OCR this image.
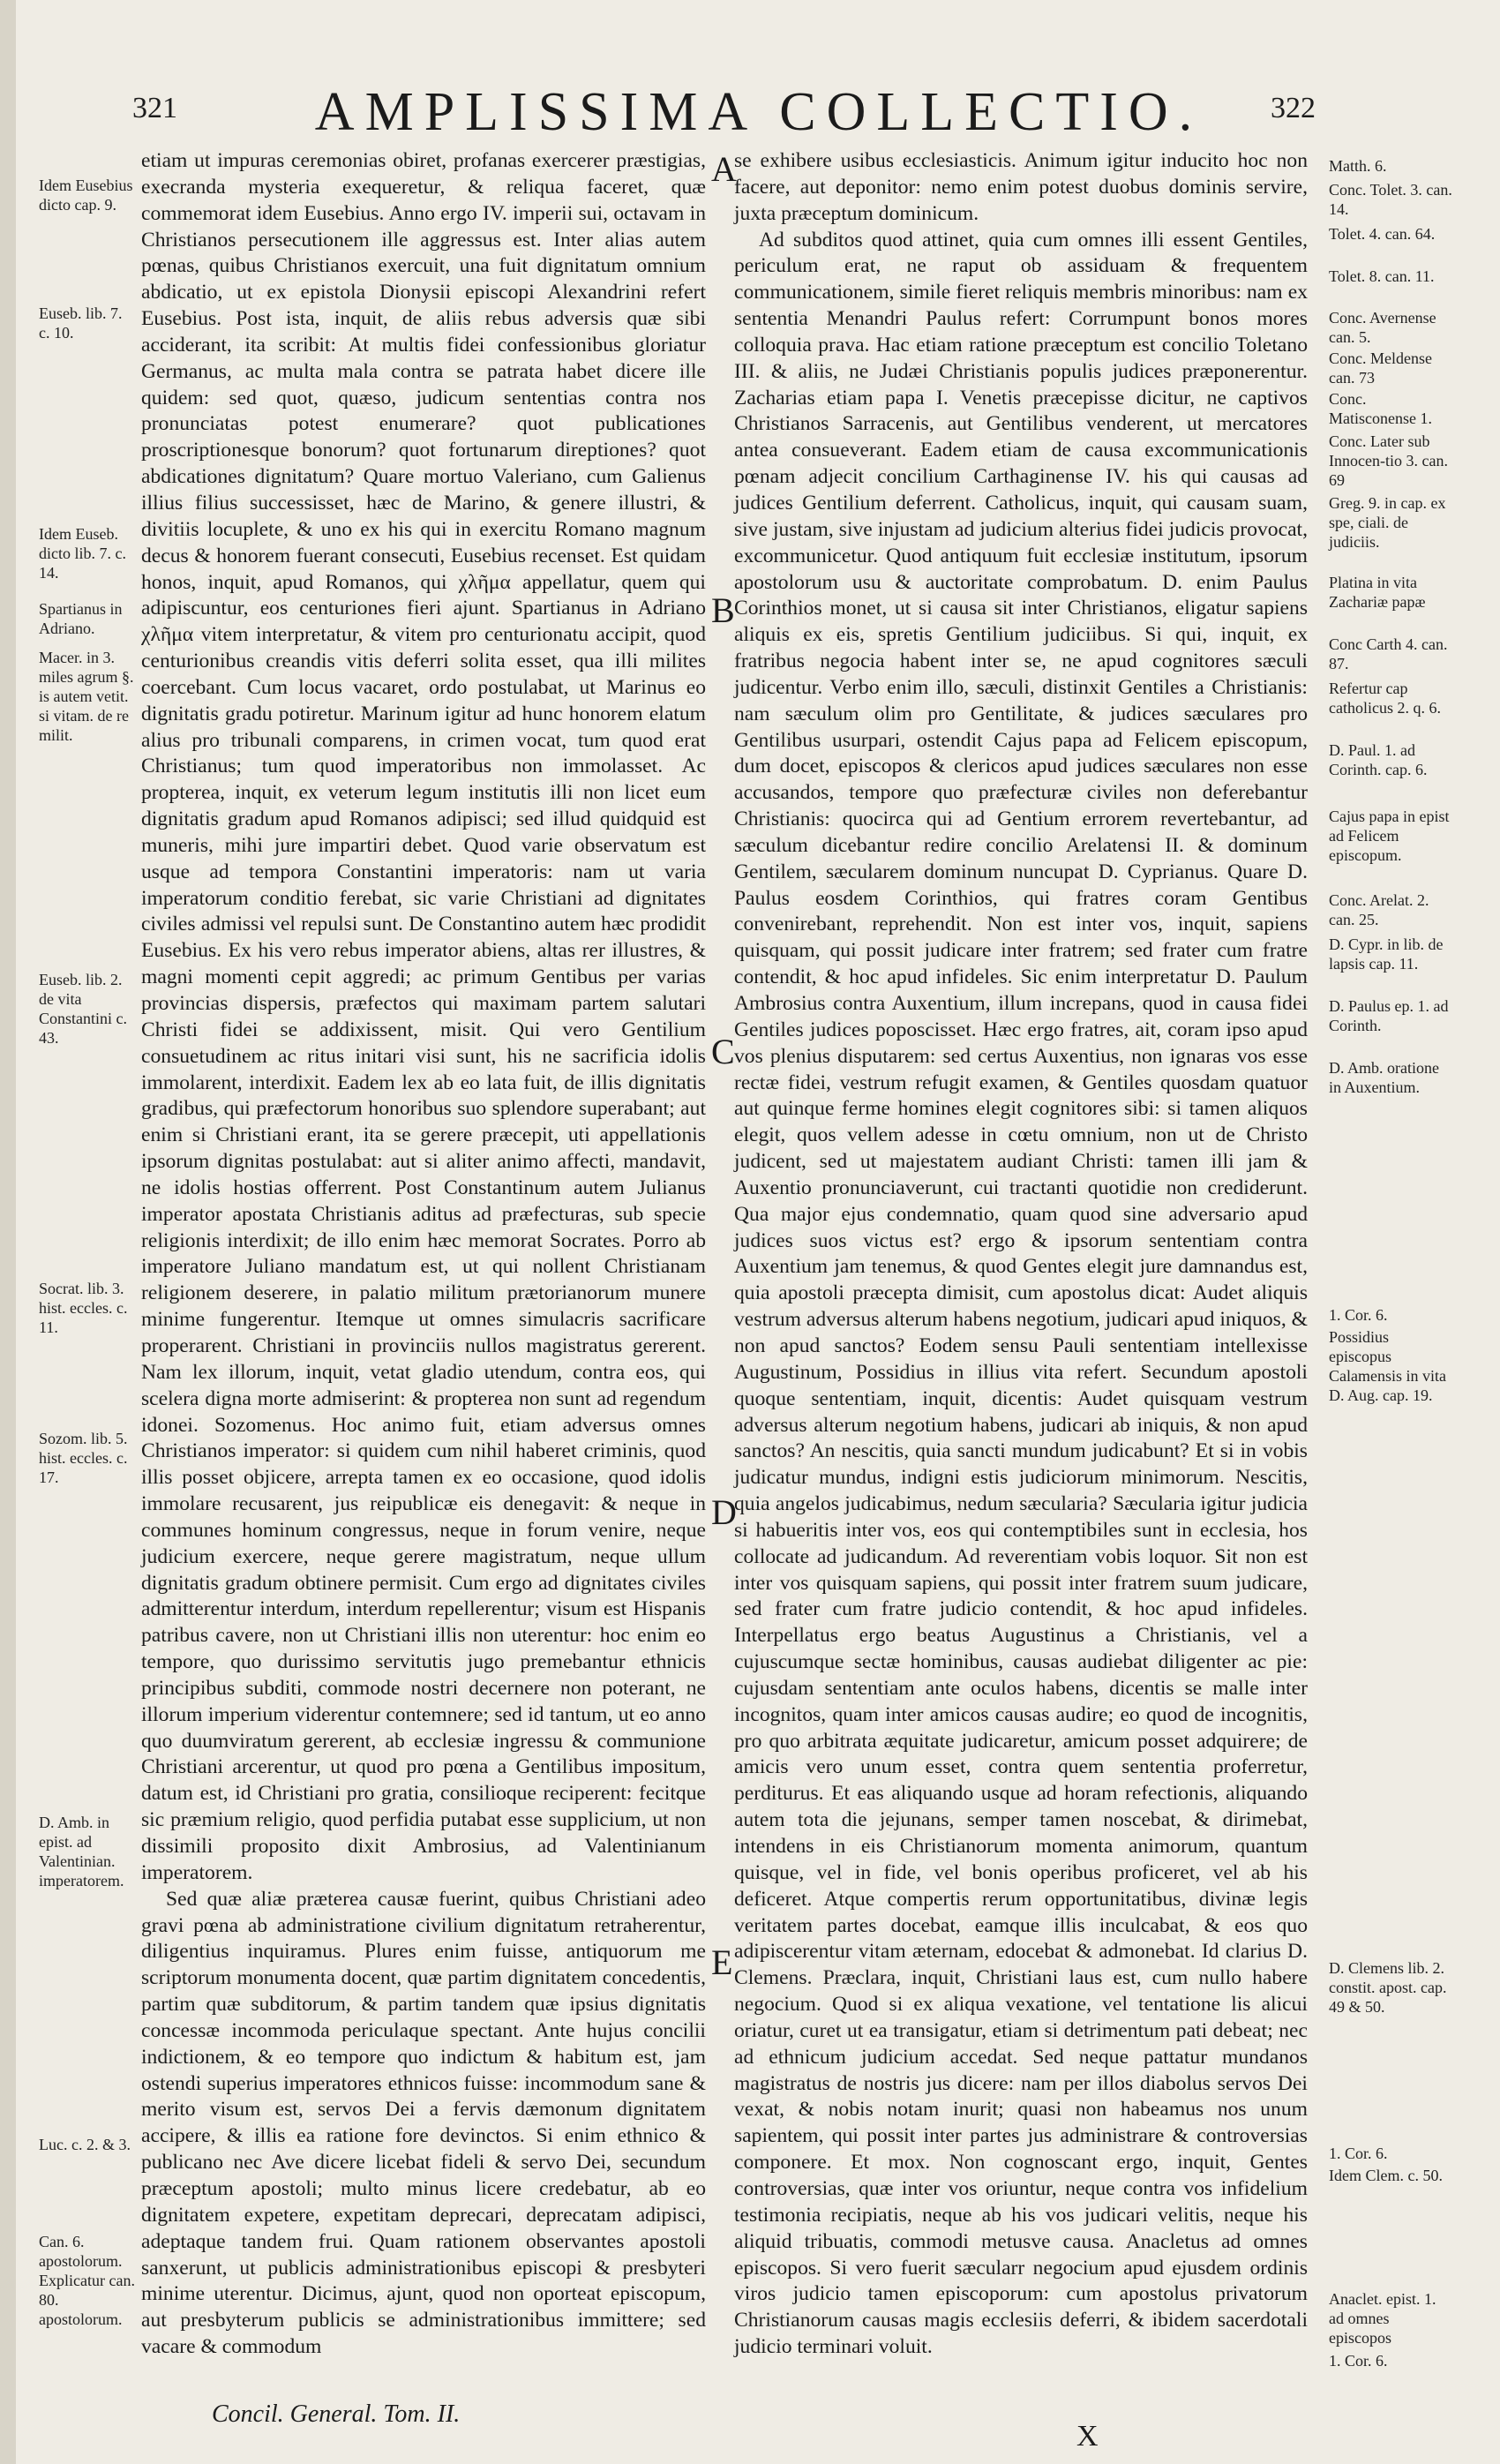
321	AMPLISSIMA COLLECTIO.	322

etiam ut impuras ceremonias obiret, profanas exercerer præstigias, execranda mysteria exequeretur, & reliqua faceret, quæ commemorat idem Eusebius. Anno ergo IV. imperii sui, octavam in Christianos persecutionem ille aggressus est. Inter alias autem pœnas, quibus Christianos exercuit, una fuit dignitatum omnium abdicatio, ut ex epistola Dionysii episcopi Alexandrini refert Eusebius. Post ista, inquit, de aliis rebus adversis quæ sibi acciderant, ita scribit: At multis fidei confessionibus gloriatur Germanus, ac multa mala contra se patrata habet dicere ille quidem: sed quot, quæso, judicum sententias contra nos pronunciatas potest enumerare? quot publicationes proscriptionesque bonorum? quot fortunarum direptiones? quot abdicationes dignitatum? Quare mortuo Valeriano, cum Galienus illius filius successisset, hæc de Marino, & genere illustri, & divitiis locuplete, & uno ex his qui in exercitu Romano magnum decus & honorem fuerant consecuti, Eusebius recenset. Est quidam honos, inquit, apud Romanos, qui χλῆμα appellatur, quem qui adipiscuntur, eos centuriones fieri ajunt. Spartianus in Adriano χλῆμα vitem interpretatur, & vitem pro centurionatu accipit, quod centurionibus creandis vitis deferri solita esset, qua illi milites coercebant. Cum locus vacaret, ordo postulabat, ut Marinus eo dignitatis gradu potiretur. Marinum igitur ad hunc honorem elatum alius pro tribunali comparens, in crimen vocat, tum quod erat Christianus; tum quod imperatoribus non immolasset. Ac propterea, inquit, ex veterum legum institutis illi non licet eum dignitatis gradum apud Romanos adipisci; sed illud quidquid est muneris, mihi jure impartiri debet. Quod varie observatum est usque ad tempora Constantini imperatoris: nam ut varia imperatorum conditio ferebat, sic varie Christiani ad dignitates civiles admissi vel repulsi sunt. De Constantino autem hæc prodidit Eusebius. Ex his vero rebus imperator abiens, altas rer illustres, & magni momenti cepit aggredi; ac primum Gentibus per varias provincias dispersis, præfectos qui maximam partem salutari Christi fidei se addixissent, misit. Qui vero Gentilium consuetudinem ac ritus initari visi sunt, his ne sacrificia idolis immolarent, interdixit. Eadem lex ab eo lata fuit, de illis dignitatis gradibus, qui præfectorum honoribus suo splendore superabant; aut enim si Christiani erant, ita se gerere præcepit, uti appellationis ipsorum dignitas postulabat: aut si aliter animo affecti, mandavit, ne idolis hostias offerrent. Post Constantinum autem Julianus imperator apostata Christianis aditus ad præfecturas, sub specie religionis interdixit; de illo enim hæc memorat Socrates. Porro ab imperatore Juliano mandatum est, ut qui nollent Christianam religionem deserere, in palatio militum prætorianorum munere minime fungerentur. Itemque ut omnes simulacris sacrificare properarent. Christiani in provinciis nullos magistratus gererent. Nam lex illorum, inquit, vetat gladio utendum, contra eos, qui scelera digna morte admiserint: & propterea non sunt ad regendum idonei. Sozomenus. Hoc animo fuit, etiam adversus omnes Christianos imperator: si quidem cum nihil haberet criminis, quod illis posset objicere, arrepta tamen ex eo occasione, quod idolis immolare recusarent, jus reipublicæ eis denegavit: & neque in communes hominum congressus, neque in forum venire, neque judicium exercere, neque gerere magistratum, neque ullum dignitatis gradum obtinere permisit. Cum ergo ad dignitates civiles admitterentur interdum, interdum repellerentur; visum est Hispanis patribus cavere, non ut Christiani illis non uterentur: hoc enim eo tempore, quo durissimo servitutis jugo premebantur ethnicis principibus subditi, commode nostri decernere non poterant, ne illorum imperium viderentur contemnere; sed id tantum, ut eo anno quo duumviratum gererent, ab ecclesiæ ingressu & communione Christiani arcerentur, ut quod pro pœna a Gentilibus impositum, datum est, id Christiani pro gratia, consilioque reciperent: fecitque sic præmium religio, quod perfidia putabat esse supplicium, ut non dissimili proposito dixit Ambrosius, ad Valentinianum imperatorem.

Sed quæ aliæ præterea causæ fuerint, quibus Christiani adeo gravi pœna ab administratione civilium dignitatum retraherentur, diligentius inquiramus. Plures enim fuisse, antiquorum me scriptorum monumenta docent, quæ partim dignitatem concedentis, partim quæ subditorum, & partim tandem quæ ipsius dignitatis concessæ incommoda periculaque spectant. Ante hujus concilii indictionem, & eo tempore quo indictum & habitum est, jam ostendi superius imperatores ethnicos fuisse: incommodum sane & merito visum est, servos Dei a fervis dæmonum dignitatem accipere, & illis ea ratione fore devinctos. Si enim ethnico & publicano nec Ave dicere licebat fideli & servo Dei, secundum præceptum apostoli; multo minus licere credebatur, ab eo dignitatem expetere, expetitam deprecari, deprecatam adipisci, adeptaque tandem frui. Quam rationem observantes apostoli sanxerunt, ut publicis administrationibus episcopi & presbyteri minime uterentur. Dicimus, ajunt, quod non oporteat episcopum, aut presbyterum publicis se administrationibus immittere; sed vacare & commodum

se exhibere usibus ecclesiasticis. Animum igitur inducito hoc non facere, aut deponitor: nemo enim potest duobus dominis servire, juxta præceptum dominicum.

Ad subditos quod attinet, quia cum omnes illi essent Gentiles, periculum erat, ne raput ob assiduam & frequentem communicationem, simile fieret reliquis membris minoribus: nam ex sententia Menandri Paulus refert: Corrumpunt bonos mores colloquia prava. Hac etiam ratione præceptum est concilio Toletano III. & aliis, ne Judæi Christianis populis judices præponerentur. Zacharias etiam papa I. Venetis præcepisse dicitur, ne captivos Christianos Sarracenis, aut Gentilibus venderent, ut mercatores antea consueverant. Eadem etiam de causa excommunicationis pœnam adjecit concilium Carthaginense IV. his qui causas ad judices Gentilium deferrent. Catholicus, inquit, qui causam suam, sive justam, sive injustam ad judicium alterius fidei judicis provocat, excommunicetur. Quod antiquum fuit ecclesiæ institutum, ipsorum apostolorum usu & auctoritate comprobatum. D. enim Paulus Corinthios monet, ut si causa sit inter Christianos, eligatur sapiens aliquis ex eis, spretis Gentilium judiciibus. Si qui, inquit, ex fratribus negocia habent inter se, ne apud cognitores sæculi judicentur. Verbo enim illo, sæculi, distinxit Gentiles a Christianis: nam sæculum olim pro Gentilitate, & judices sæculares pro Gentilibus usurpari, ostendit Cajus papa ad Felicem episcopum, dum docet, episcopos & clericos apud judices sæculares non esse accusandos, tempore quo præfecturæ civiles non deferebantur Christianis: quocirca qui ad Gentium errorem revertebantur, ad sæculum dicebantur redire concilio Arelatensi II. & dominum Gentilem, sæcularem dominum nuncupat D. Cyprianus. Quare D. Paulus eosdem Corinthios, qui fratres coram Gentibus convenirebant, reprehendit. Non est inter vos, inquit, sapiens quisquam, qui possit judicare inter fratrem; sed frater cum fratre contendit, & hoc apud infideles. Sic enim interpretatur D. Paulum Ambrosius contra Auxentium, illum increpans, quod in causa fidei Gentiles judices poposcisset. Hæc ergo fratres, ait, coram ipso apud vos plenius disputarem: sed certus Auxentius, non ignaras vos esse rectæ fidei, vestrum refugit examen, & Gentiles quosdam quatuor aut quinque ferme homines elegit cognitores sibi: si tamen aliquos elegit, quos vellem adesse in cœtu omnium, non ut de Christo judicent, sed ut majestatem audiant Christi: tamen illi jam & Auxentio pronunciaverunt, cui tractanti quotidie non crediderunt. Qua major ejus condemnatio, quam quod sine adversario apud judices suos victus est? ergo & ipsorum sententiam contra Auxentium jam tenemus, & quod Gentes elegit jure damnandus est, quia apostoli præcepta dimisit, cum apostolus dicat: Audet aliquis vestrum adversus alterum habens negotium, judicari apud iniquos, & non apud sanctos? Eodem sensu Pauli sententiam intellexisse Augustinum, Possidius in illius vita refert. Secundum apostoli quoque sententiam, inquit, dicentis: Audet quisquam vestrum adversus alterum negotium habens, judicari ab iniquis, & non apud sanctos? An nescitis, quia sancti mundum judicabunt? Et si in vobis judicatur mundus, indigni estis judiciorum minimorum. Nescitis, quia angelos judicabimus, nedum sæcularia? Sæcularia igitur judicia si habueritis inter vos, eos qui contemptibiles sunt in ecclesia, hos collocate ad judicandum. Ad reverentiam vobis loquor. Sit non est inter vos quisquam sapiens, qui possit inter fratrem suum judicare, sed frater cum fratre judicio contendit, & hoc apud infideles. Interpellatus ergo beatus Augustinus a Christianis, vel a cujuscumque sectæ hominibus, causas audiebat diligenter ac pie: cujusdam sententiam ante oculos habens, dicentis se malle inter incognitos, quam inter amicos causas audire; eo quod de incognitis, pro quo arbitrata æquitate judicaretur, amicum posset adquirere; de amicis vero unum esset, contra quem sententia proferretur, perditurus. Et eas aliquando usque ad horam refectionis, aliquando autem tota die jejunans, semper tamen noscebat, & dirimebat, intendens in eis Christianorum momenta animorum, quantum quisque, vel in fide, vel bonis operibus proficeret, vel ab his deficeret. Atque compertis rerum opportunitatibus, divinæ legis veritatem partes docebat, eamque illis inculcabat, & eos quo adipiscerentur vitam æternam, edocebat & admonebat. Id clarius D. Clemens. Præclara, inquit, Christiani laus est, cum nullo habere negocium. Quod si ex aliqua vexatione, vel tentatione lis alicui oriatur, curet ut ea transigatur, etiam si detrimentum pati debeat; nec ad ethnicum judicium accedat. Sed neque pattatur mundanos magistratus de nostris jus dicere: nam per illos diabolus servos Dei vexat, & nobis notam inurit; quasi non habeamus nos unum sapientem, qui possit inter partes jus administrare & controversias componere. Et mox. Non cognoscant ergo, inquit, Gentes controversias, quæ inter vos oriuntur, neque contra vos infidelium testimonia recipiatis, neque ab his vos judicari velitis, neque his aliquid tribuatis, commodi metusve causa. Anacletus ad omnes episcopos. Si vero fuerit sæcularr negocium apud ejusdem ordinis viros judicio tamen episcoporum: cum apostolus privatorum Christianorum causas magis ecclesiis deferri, & ibidem sacerdotali judicio terminari voluit.

A
B
C
D
E
Idem Eusebius dicto cap. 9.
Euseb. lib. 7. c. 10.
Idem Euseb. dicto lib. 7. c. 14.
Spartianus in Adriano.
Macer. in 3. miles agrum §. is autem vetit. si vitam. de re milit.
Euseb. lib. 2. de vita Constantini c. 43.
Socrat. lib. 3. hist. eccles. c. 11.
Sozom. lib. 5. hist. eccles. c. 17.
D. Amb. in epist. ad Valentinian. imperatorem.
Luc. c. 2. & 3.
Can. 6. apostolorum. Explicatur can. 80. apostolorum.
Matth. 6.
Conc. Tolet. 3. can. 14.
Tolet. 4. can. 64.
Tolet. 8. can. 11.
Conc. Avernense can. 5.
Conc. Meldense can. 73
Conc. Matisconense 1.
Conc. Later sub Innocen-tio 3. can. 69
Greg. 9. in cap. ex spe, ciali. de judiciis.
Platina in vita Zachariæ papæ
Conc Carth 4. can. 87.
Refertur cap catholicus 2. q. 6.
D. Paul. 1. ad Corinth. cap. 6.
Cajus papa in epist ad Felicem episcopum.
Conc. Arelat. 2. can. 25.
D. Cypr. in lib. de lapsis cap. 11.
D. Paulus ep. 1. ad Corinth.
D. Amb. oratione in Auxentium.
1. Cor. 6.
Possidius episcopus Calamensis in vita D. Aug. cap. 19.
D. Clemens lib. 2. constit. apost. cap. 49 & 50.
1. Cor. 6.
Idem Clem. c. 50.
Anaclet. epist. 1. ad omnes episcopos
1. Cor. 6.
Concil. General. Tom. II.
X
